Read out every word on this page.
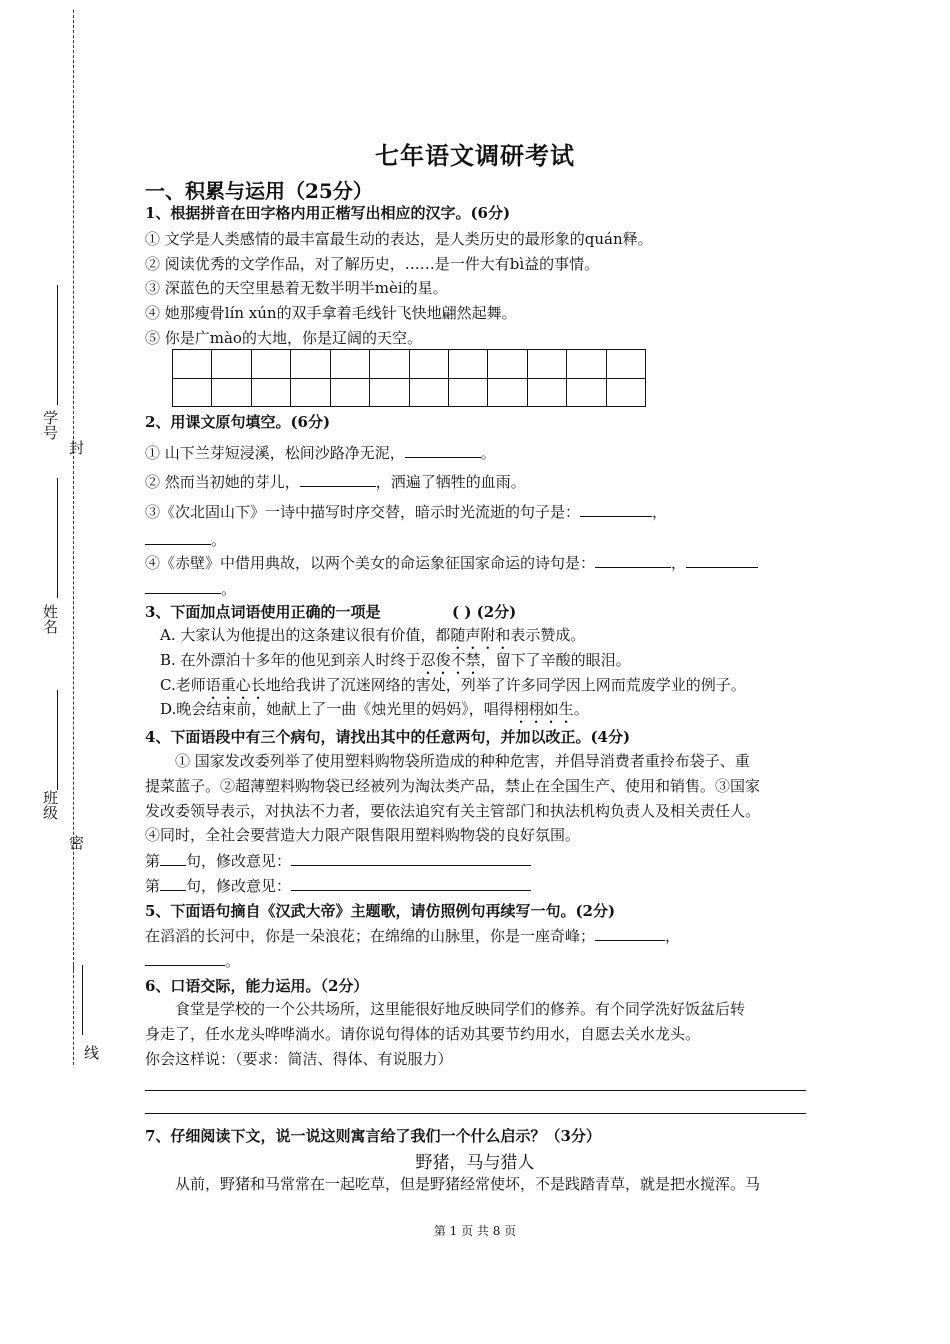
学号
封
姓名
班级
密
线
七年语文调研考试
一、积累与运用（25分）
1、根据拼音在田字格内用正楷写出相应的汉字。(6分)
① 文学是人类感情的最丰富最生动的表达，是人类历史的最形象的quán释。
② 阅读优秀的文学作品，对了解历史，……是一件大有bì益的事情。
③ 深蓝色的天空里悬着无数半明半mèi的星。
④ 她那瘦骨lín xún的双手拿着毛线针飞快地翩然起舞。
⑤ 你是广mào的大地，你是辽阔的天空。
2、用课文原句填空。(6分)
① 山下兰芽短浸溪，松间沙路净无泥，	。
② 然而当初她的芽儿，	，洒遍了牺牲的血雨。
③《次北固山下》一诗中描写时序交替，暗示时光流逝的句子是：	，
。
④《赤壁》中借用典故，以两个美女的命运象征国家命运的诗句是：	，
。
3、下面加点词语使用正确的一项是	( ) (2分)
A. 大家认为他提出的这条建议很有价值，都随声附和表示赞成。
B. 在外漂泊十多年的他见到亲人时终于忍俊不禁，留下了辛酸的眼泪。
C.老师语重心长地给我讲了沉迷网络的害处，列举了许多同学因上网而荒废学业的例子。
D.晚会结束前，她献上了一曲《烛光里的妈妈》，唱得栩栩如生。
4、下面语段中有三个病句，请找出其中的任意两句，并加以改正。(4分)
① 国家发改委列举了使用塑料购物袋所造成的种种危害，并倡导消费者重拎布袋子、重
提菜蓝子。②超薄塑料购物袋已经被列为淘汰类产品，禁止在全国生产、使用和销售。③国家
发改委领导表示，对执法不力者，要依法追究有关主管部门和执法机构负责人及相关责任人。
④同时，全社会要营造大力限产限售限用塑料购物袋的良好氛围。
第 句，修改意见：
第 句，修改意见：
5、下面语句摘自《汉武大帝》主题歌，请仿照例句再续写一句。(2分)
在滔滔的长河中，你是一朵浪花；在绵绵的山脉里，你是一座奇峰；	，
。
6、口语交际，能力运用。（2分）
食堂是学校的一个公共场所，这里能很好地反映同学们的修养。有个同学洗好饭盆后转
身走了，任水龙头哗哗淌水。请你说句得体的话劝其要节约用水，自愿去关水龙头。
你会这样说：（要求：简洁、得体、有说服力）
7、仔细阅读下文，说一说这则寓言给了我们一个什么启示？（3分）
野猪，马与猎人
从前，野猪和马常常在一起吃草，但是野猪经常使坏，不是践踏青草，就是把水搅浑。马
第 1 页 共 8 页
